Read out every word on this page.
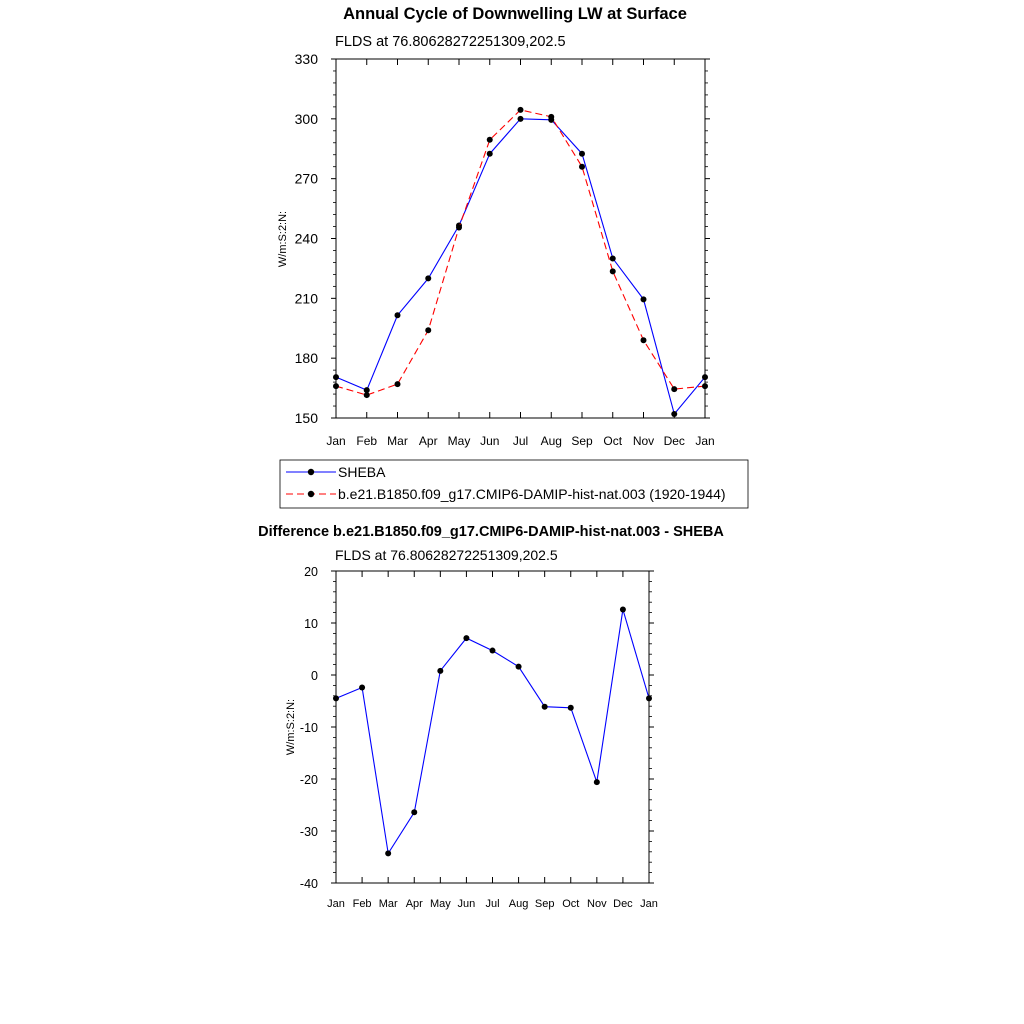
Annual Cycle of Downwelling LW at Surface
FLDS at 76.80628272251309,202.5
W/m:S:2:N:
150
180
210
240
270
300
330
Jan Feb Mar Apr May Jun Jul Aug Sep Oct Nov Dec Jan
SHEBA
b.e21.B1850.f09_g17.CMIP6-DAMIP-hist-nat.003 (1920-1944)
Difference b.e21.B1850.f09_g17.CMIP6-DAMIP-hist-nat.003 - SHEBA
FLDS at 76.80628272251309,202.5
W/m:S:2:N:
-40
-30
-20
-10
0
10
20
Jan Feb Mar Apr May Jun Jul Aug Sep Oct Nov Dec Jan
